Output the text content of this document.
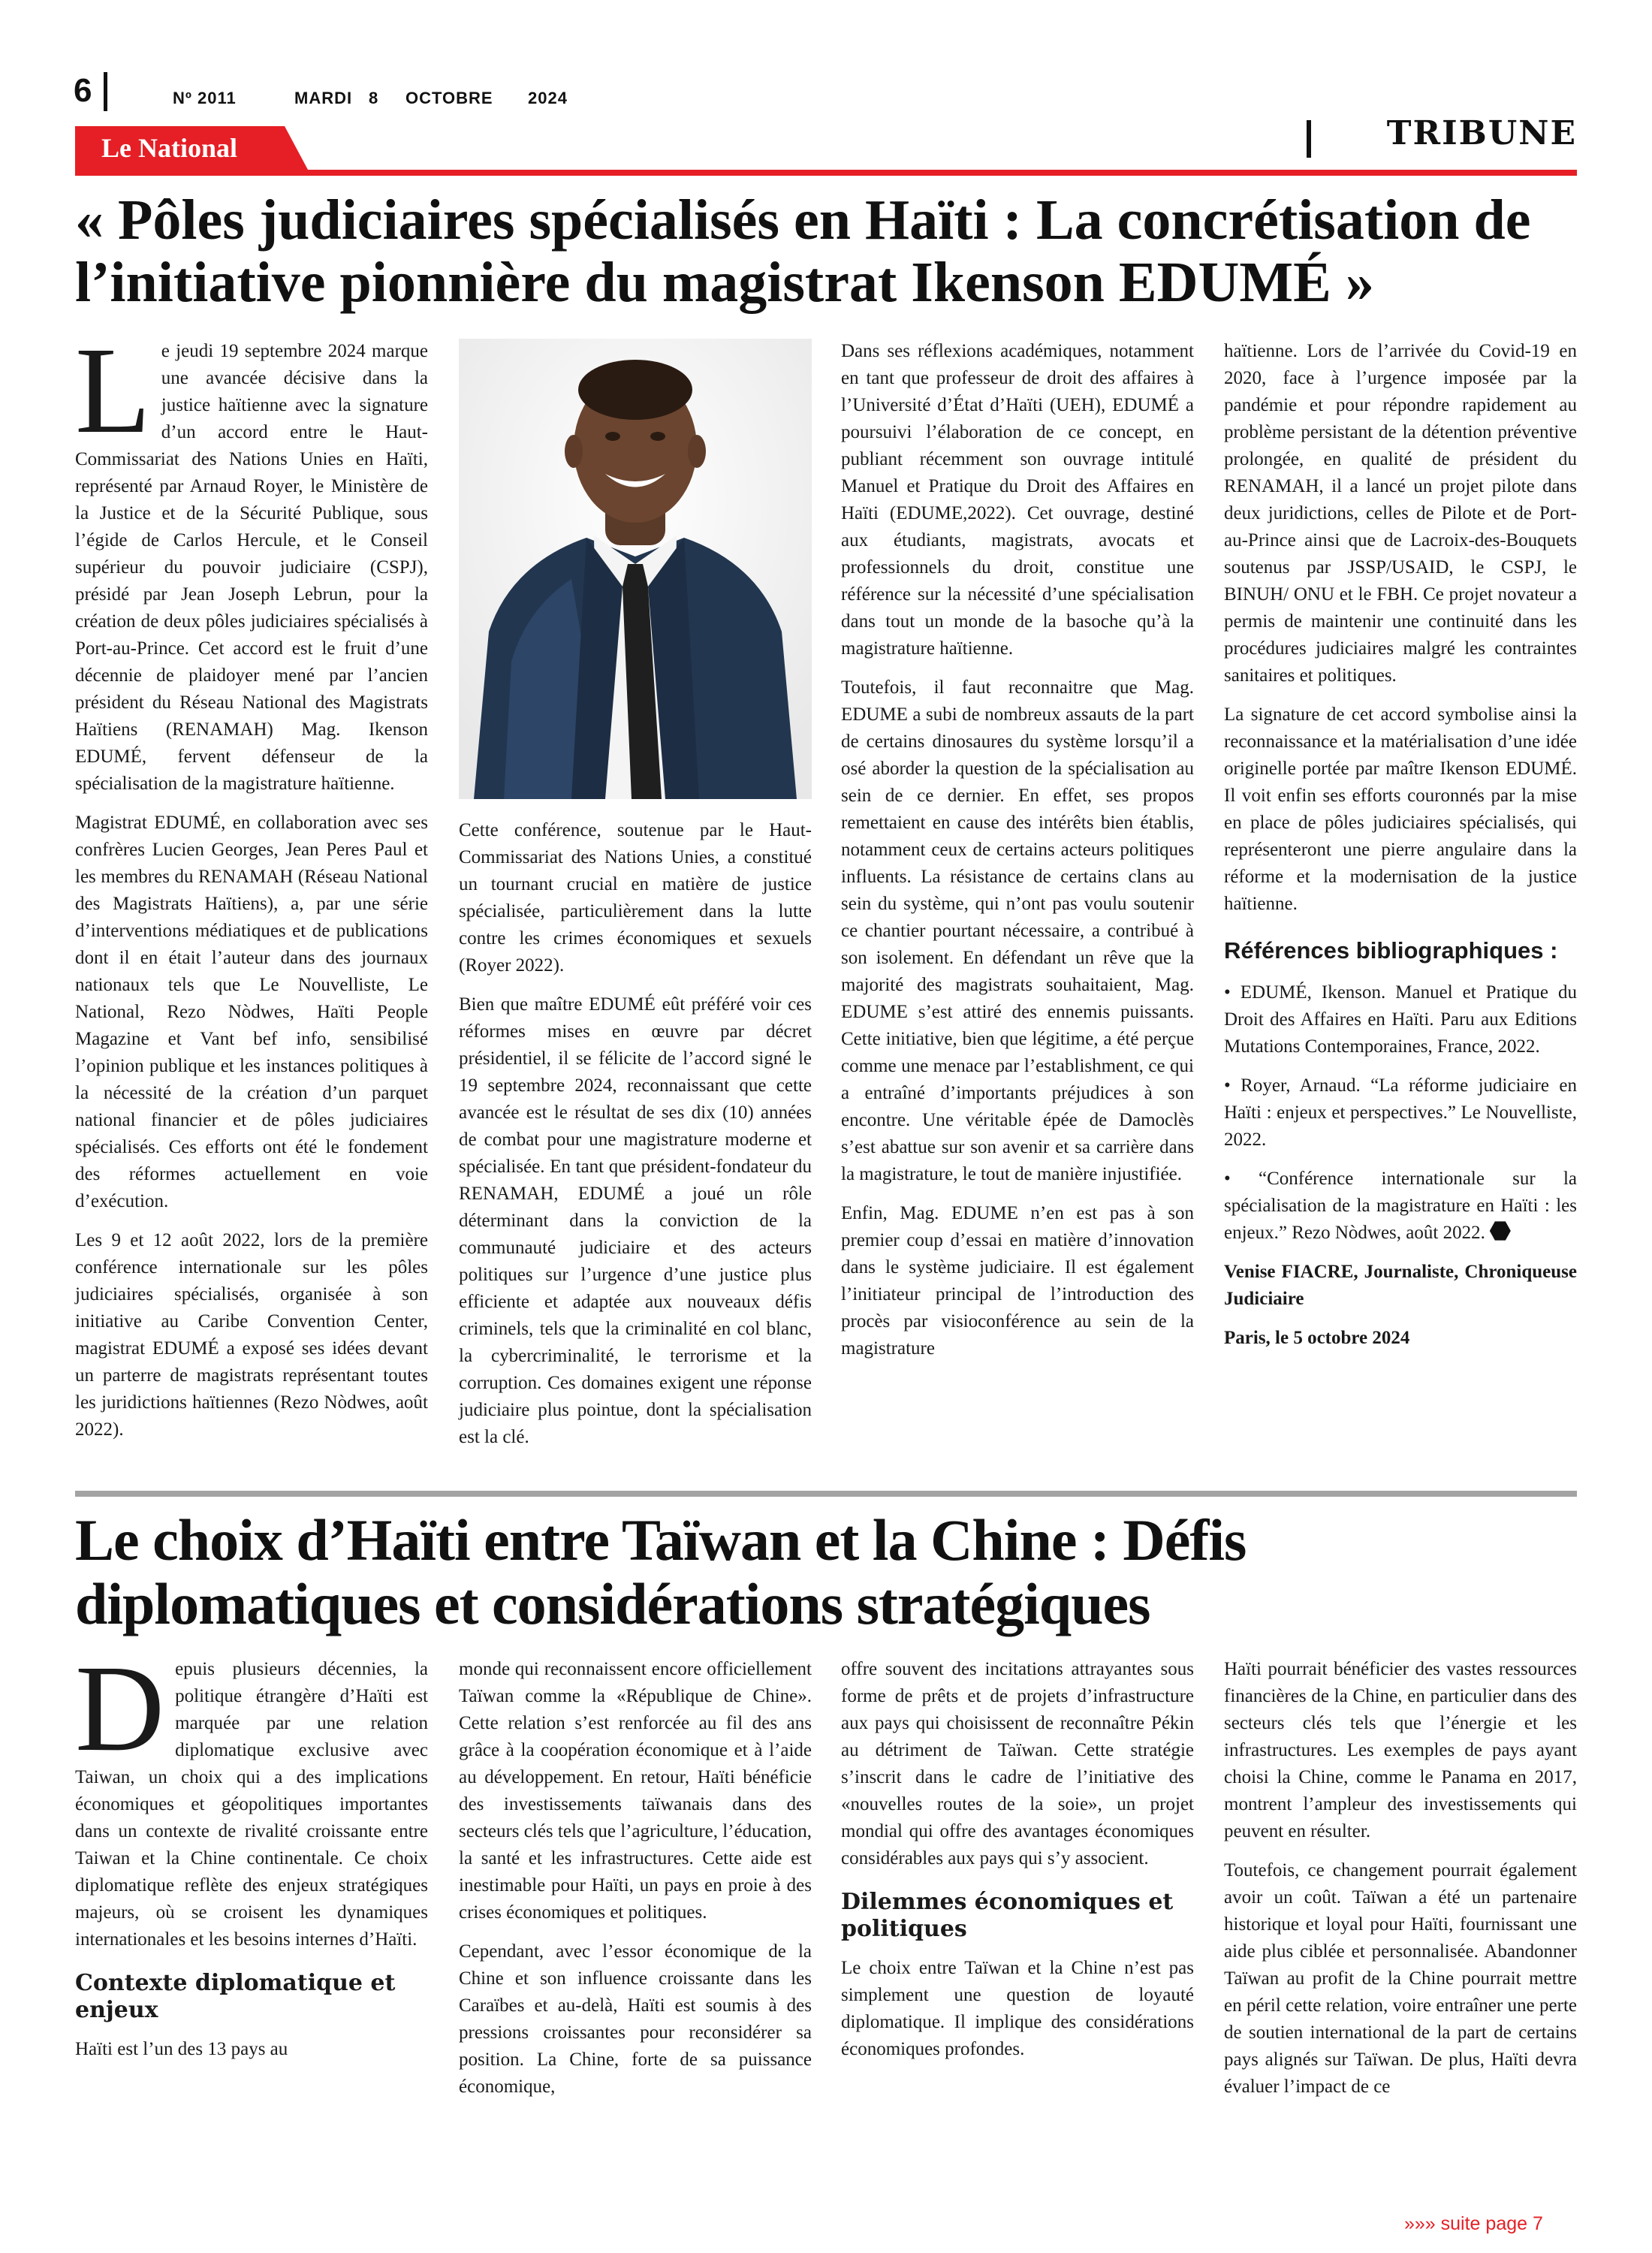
6	Nº 2011	MARDI 8 OCTOBRE 2024
Le National	TRIBUNE
« Pôles judiciaires spécialisés en Haïti : La concrétisation de l’initiative pionnière du magistrat Ikenson EDUMÉ »

Le jeudi 19 septembre 2024 marque une avancée décisive dans la justice haïtienne avec la signature d’un accord entre le Haut-Commissariat des Nations Unies en Haïti, représenté par Arnaud Royer, le Ministère de la Justice et de la Sécurité Publique, sous l’égide de Carlos Hercule, et le Conseil supérieur du pouvoir judiciaire (CSPJ), présidé par Jean Joseph Lebrun, pour la création de deux pôles judiciaires spécialisés à Port-au-Prince. Cet accord est le fruit d’une décennie de plaidoyer mené par l’ancien président du Réseau National des Magistrats Haïtiens (RENAMAH) Mag. Ikenson EDUMÉ, fervent défenseur de la spécialisation de la magistrature haïtienne.

Magistrat EDUMÉ, en collaboration avec ses confrères Lucien Georges, Jean Peres Paul et les membres du RENAMAH (Réseau National des Magistrats Haïtiens), a, par une série d’interventions médiatiques et de publications dont il en était l’auteur dans des journaux nationaux tels que Le Nouvelliste, Le National, Rezo Nòdwes, Haïti People Magazine et Vant bef info, sensibilisé l’opinion publique et les instances politiques à la nécessité de la création d’un parquet national financier et de pôles judiciaires spécialisés. Ces efforts ont été le fondement des réformes actuellement en voie d’exécution.

Les 9 et 12 août 2022, lors de la première conférence internationale sur les pôles judiciaires spécialisés, organisée à son initiative au Caribe Convention Center, magistrat EDUMÉ a exposé ses idées devant un parterre de magistrats représentant toutes les juridictions haïtiennes (Rezo Nòdwes, août 2022).

Cette conférence, soutenue par le Haut-Commissariat des Nations Unies, a constitué un tournant crucial en matière de justice spécialisée, particulièrement dans la lutte contre les crimes économiques et sexuels (Royer 2022).

Bien que maître EDUMÉ eût préféré voir ces réformes mises en œuvre par décret présidentiel, il se félicite de l’accord signé le 19 septembre 2024, reconnaissant que cette avancée est le résultat de ses dix (10) années de combat pour une magistrature moderne et spécialisée. En tant que président-fondateur du RENAMAH, EDUMÉ a joué un rôle déterminant dans la conviction de la communauté judiciaire et des acteurs politiques sur l’urgence d’une justice plus efficiente et adaptée aux nouveaux défis criminels, tels que la criminalité en col blanc, la cybercriminalité, le terrorisme et la corruption. Ces domaines exigent une réponse judiciaire plus pointue, dont la spécialisation est la clé.

Dans ses réflexions académiques, notamment en tant que professeur de droit des affaires à l’Université d’État d’Haïti (UEH), EDUMÉ a poursuivi l’élaboration de ce concept, en publiant récemment son ouvrage intitulé Manuel et Pratique du Droit des Affaires en Haïti (EDUME,2022). Cet ouvrage, destiné aux étudiants, magistrats, avocats et professionnels du droit, constitue une référence sur la nécessité d’une spécialisation dans tout un monde de la basoche qu’à la magistrature haïtienne.

Toutefois, il faut reconnaitre que Mag. EDUME a subi de nombreux assauts de la part de certains dinosaures du système lorsqu’il a osé aborder la question de la spécialisation au sein de ce dernier. En effet, ses propos remettaient en cause des intérêts bien établis, notamment ceux de certains acteurs politiques influents. La résistance de certains clans au sein du système, qui n’ont pas voulu soutenir ce chantier pourtant nécessaire, a contribué à son isolement. En défendant un rêve que la majorité des magistrats souhaitaient, Mag. EDUME s’est attiré des ennemis puissants. Cette initiative, bien que légitime, a été perçue comme une menace par l’establishment, ce qui a entraîné d’importants préjudices à son encontre. Une véritable épée de Damoclès s’est abattue sur son avenir et sa carrière dans la magistrature, le tout de manière injustifiée.

Enfin, Mag. EDUME n’en est pas à son premier coup d’essai en matière d’innovation dans le système judiciaire. Il est également l’initiateur principal de l’introduction des procès par visioconférence au sein de la magistrature

haïtienne. Lors de l’arrivée du Covid-19 en 2020, face à l’urgence imposée par la pandémie et pour répondre rapidement au problème persistant de la détention préventive prolongée, en qualité de président du RENAMAH, il a lancé un projet pilote dans deux juridictions, celles de Pilote et de Port-au-Prince ainsi que de Lacroix-des-Bouquets soutenus par JSSP/USAID, le CSPJ, le BINUH/ ONU et le FBH. Ce projet novateur a permis de maintenir une continuité dans les procédures judiciaires malgré les contraintes sanitaires et politiques.

La signature de cet accord symbolise ainsi la reconnaissance et la matérialisation d’une idée originelle portée par maître Ikenson EDUMÉ. Il voit enfin ses efforts couronnés par la mise en place de pôles judiciaires spécialisés, qui représenteront une pierre angulaire dans la réforme et la modernisation de la justice haïtienne.

Références bibliographiques :

• EDUMÉ, Ikenson. Manuel et Pratique du Droit des Affaires en Haïti. Paru aux Editions Mutations Contemporaines, France, 2022.

• Royer, Arnaud. “La réforme judiciaire en Haïti : enjeux et perspectives.” Le Nouvelliste, 2022.

• “Conférence internationale sur la spécialisation de la magistrature en Haïti : les enjeux.” Rezo Nòdwes, août 2022.

Venise FIACRE, Journaliste, Chroniqueuse Judiciaire

Paris, le 5 octobre 2024

Le choix d’Haïti entre Taïwan et la Chine : Défis diplomatiques et considérations stratégiques

Depuis plusieurs décennies, la politique étrangère d’Haïti est marquée par une relation diplomatique exclusive avec Taiwan, un choix qui a des implications économiques et géopolitiques importantes dans un contexte de rivalité croissante entre Taiwan et la Chine continentale. Ce choix diplomatique reflète des enjeux stratégiques majeurs, où se croisent les dynamiques internationales et les besoins internes d’Haïti.

Contexte diplomatique et enjeux

Haïti est l’un des 13 pays au

monde qui reconnaissent encore officiellement Taïwan comme la «République de Chine». Cette relation s’est renforcée au fil des ans grâce à la coopération économique et à l’aide au développement. En retour, Haïti bénéficie des investissements taïwanais dans des secteurs clés tels que l’agriculture, l’éducation, la santé et les infrastructures. Cette aide est inestimable pour Haïti, un pays en proie à des crises économiques et politiques.

Cependant, avec l’essor économique de la Chine et son influence croissante dans les Caraïbes et au-delà, Haïti est soumis à des pressions croissantes pour reconsidérer sa position. La Chine, forte de sa puissance économique,

offre souvent des incitations attrayantes sous forme de prêts et de projets d’infrastructure aux pays qui choisissent de reconnaître Pékin au détriment de Taïwan. Cette stratégie s’inscrit dans le cadre de l’initiative des «nouvelles routes de la soie», un projet mondial qui offre des avantages économiques considérables aux pays qui s’y associent.

Dilemmes économiques et politiques

Le choix entre Taïwan et la Chine n’est pas simplement une question de loyauté diplomatique. Il implique des considérations économiques profondes.

Haïti pourrait bénéficier des vastes ressources financières de la Chine, en particulier dans des secteurs clés tels que l’énergie et les infrastructures. Les exemples de pays ayant choisi la Chine, comme le Panama en 2017, montrent l’ampleur des investissements qui peuvent en résulter.

Toutefois, ce changement pourrait également avoir un coût. Taïwan a été un partenaire historique et loyal pour Haïti, fournissant une aide plus ciblée et personnalisée. Abandonner Taïwan au profit de la Chine pourrait mettre en péril cette relation, voire entraîner une perte de soutien international de la part de certains pays alignés sur Taïwan. De plus, Haïti devra évaluer l’impact de ce

»»» suite page 7
